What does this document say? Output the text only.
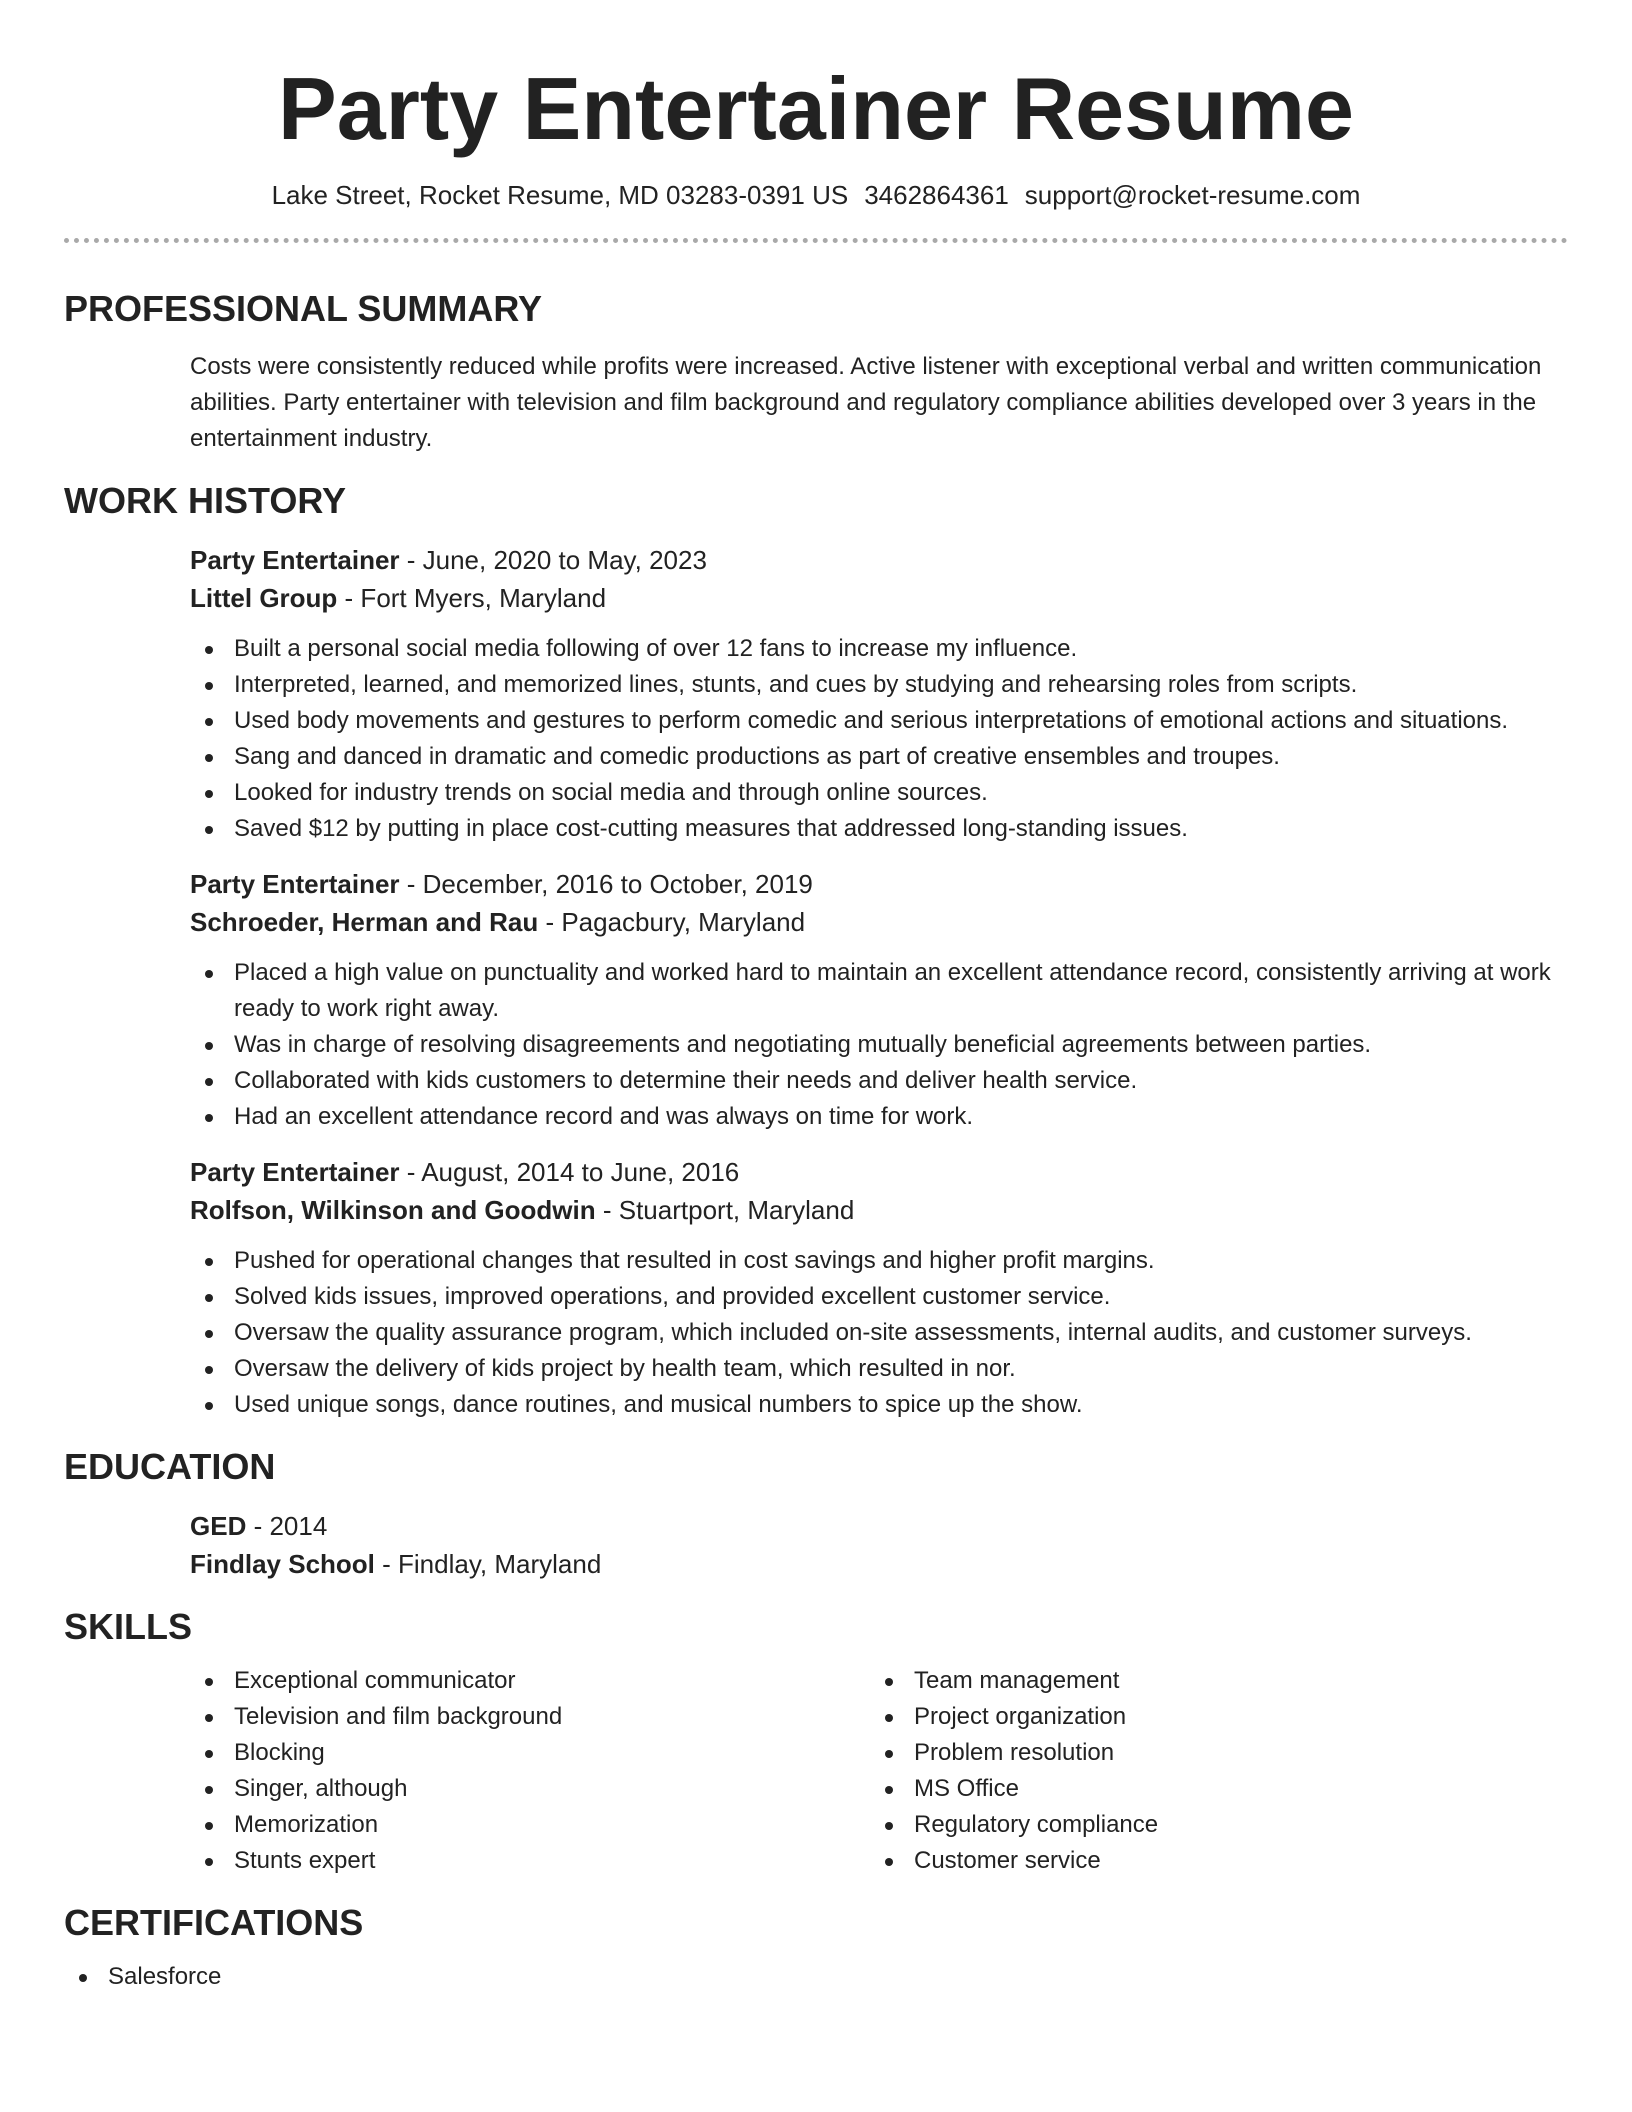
Party Entertainer Resume
Lake Street, Rocket Resume, MD 03283-0391 US 3462864361 support@rocket-resume.com
PROFESSIONAL SUMMARY
Costs were consistently reduced while profits were increased. Active listener with exceptional verbal and written communication abilities. Party entertainer with television and film background and regulatory compliance abilities developed over 3 years in the entertainment industry.
WORK HISTORY
Party Entertainer - June, 2020 to May, 2023
Littel Group - Fort Myers, Maryland
Built a personal social media following of over 12 fans to increase my influence.
Interpreted, learned, and memorized lines, stunts, and cues by studying and rehearsing roles from scripts.
Used body movements and gestures to perform comedic and serious interpretations of emotional actions and situations.
Sang and danced in dramatic and comedic productions as part of creative ensembles and troupes.
Looked for industry trends on social media and through online sources.
Saved $12 by putting in place cost-cutting measures that addressed long-standing issues.
Party Entertainer - December, 2016 to October, 2019
Schroeder, Herman and Rau - Pagacbury, Maryland
Placed a high value on punctuality and worked hard to maintain an excellent attendance record, consistently arriving at work ready to work right away.
Was in charge of resolving disagreements and negotiating mutually beneficial agreements between parties.
Collaborated with kids customers to determine their needs and deliver health service.
Had an excellent attendance record and was always on time for work.
Party Entertainer - August, 2014 to June, 2016
Rolfson, Wilkinson and Goodwin - Stuartport, Maryland
Pushed for operational changes that resulted in cost savings and higher profit margins.
Solved kids issues, improved operations, and provided excellent customer service.
Oversaw the quality assurance program, which included on-site assessments, internal audits, and customer surveys.
Oversaw the delivery of kids project by health team, which resulted in nor.
Used unique songs, dance routines, and musical numbers to spice up the show.
EDUCATION
GED - 2014
Findlay School - Findlay, Maryland
SKILLS
Exceptional communicator
Television and film background
Blocking
Singer, although
Memorization
Stunts expert
Team management
Project organization
Problem resolution
MS Office
Regulatory compliance
Customer service
CERTIFICATIONS
Salesforce
